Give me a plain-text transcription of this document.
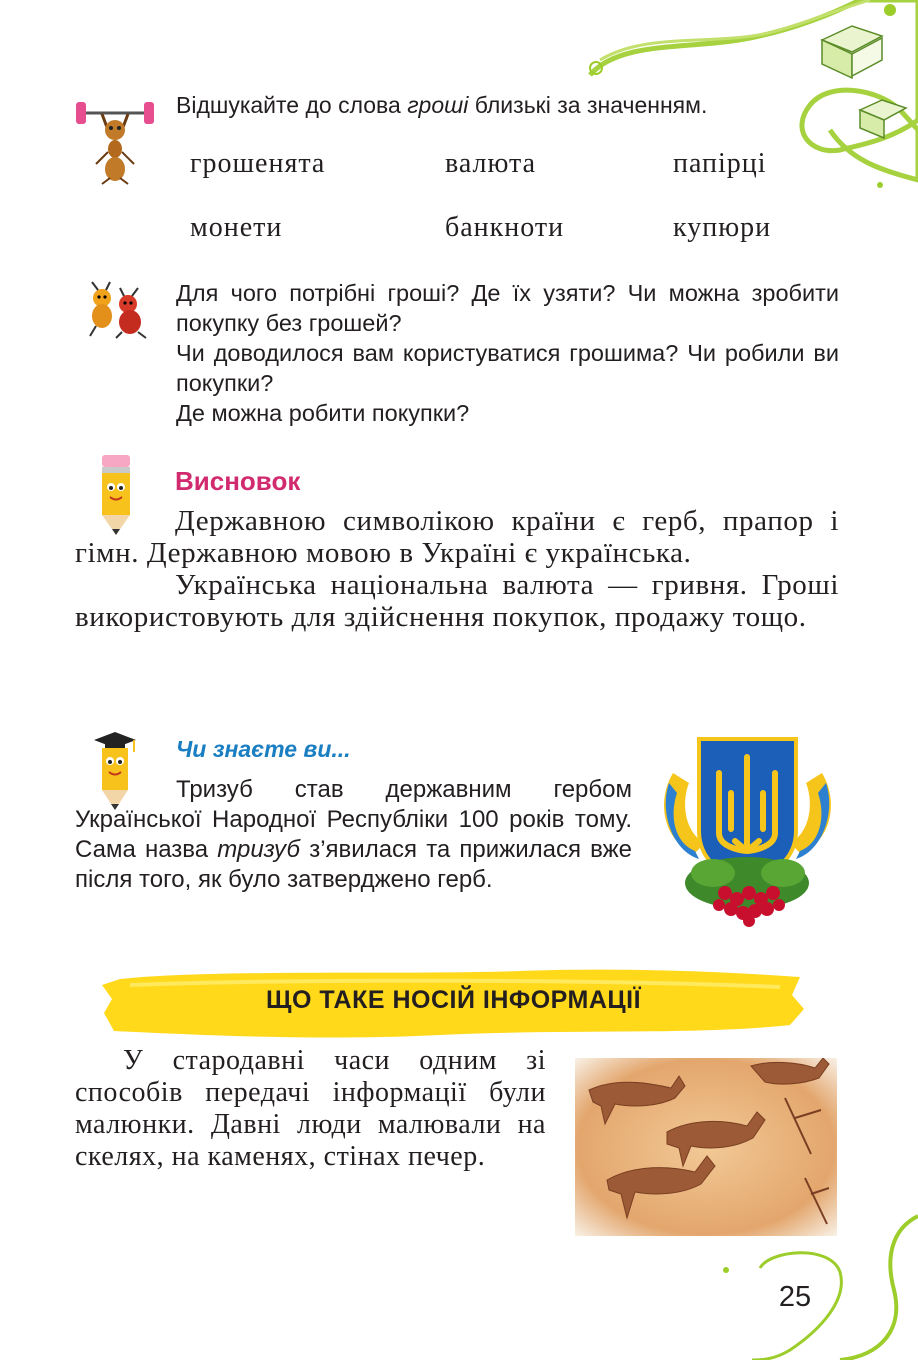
Відшукайте до слова гроші близькі за значенням.
грошенята	валюта	папірці
монети	банкноти	купюри

Для чого потрібні гроші? Де їх узяти? Чи можна зробити покупку без грошей?

Чи доводилося вам користуватися грошима? Чи робили ви покупки?

Де можна робити покупки?

Висновок

Державною символікою країни є герб, прапор і гімн. Державною мовою в Україні є українська.

Українська національна валюта — гривня. Гроші використовують для здійснення покупок, продажу тощо.

Чи знаєте ви...

Тризуб став державним гербом Української Народної Республіки 100 років тому. Сама назва тризуб з’явилася та прижилася вже після того, як було затверджено герб.

ЩО ТАКЕ НОСІЙ ІНФОРМАЦІЇ

У стародавні часи одним зі способів передачі інформації були малюнки. Давні люди малювали на скелях, на каменях, стінах печер.

25
